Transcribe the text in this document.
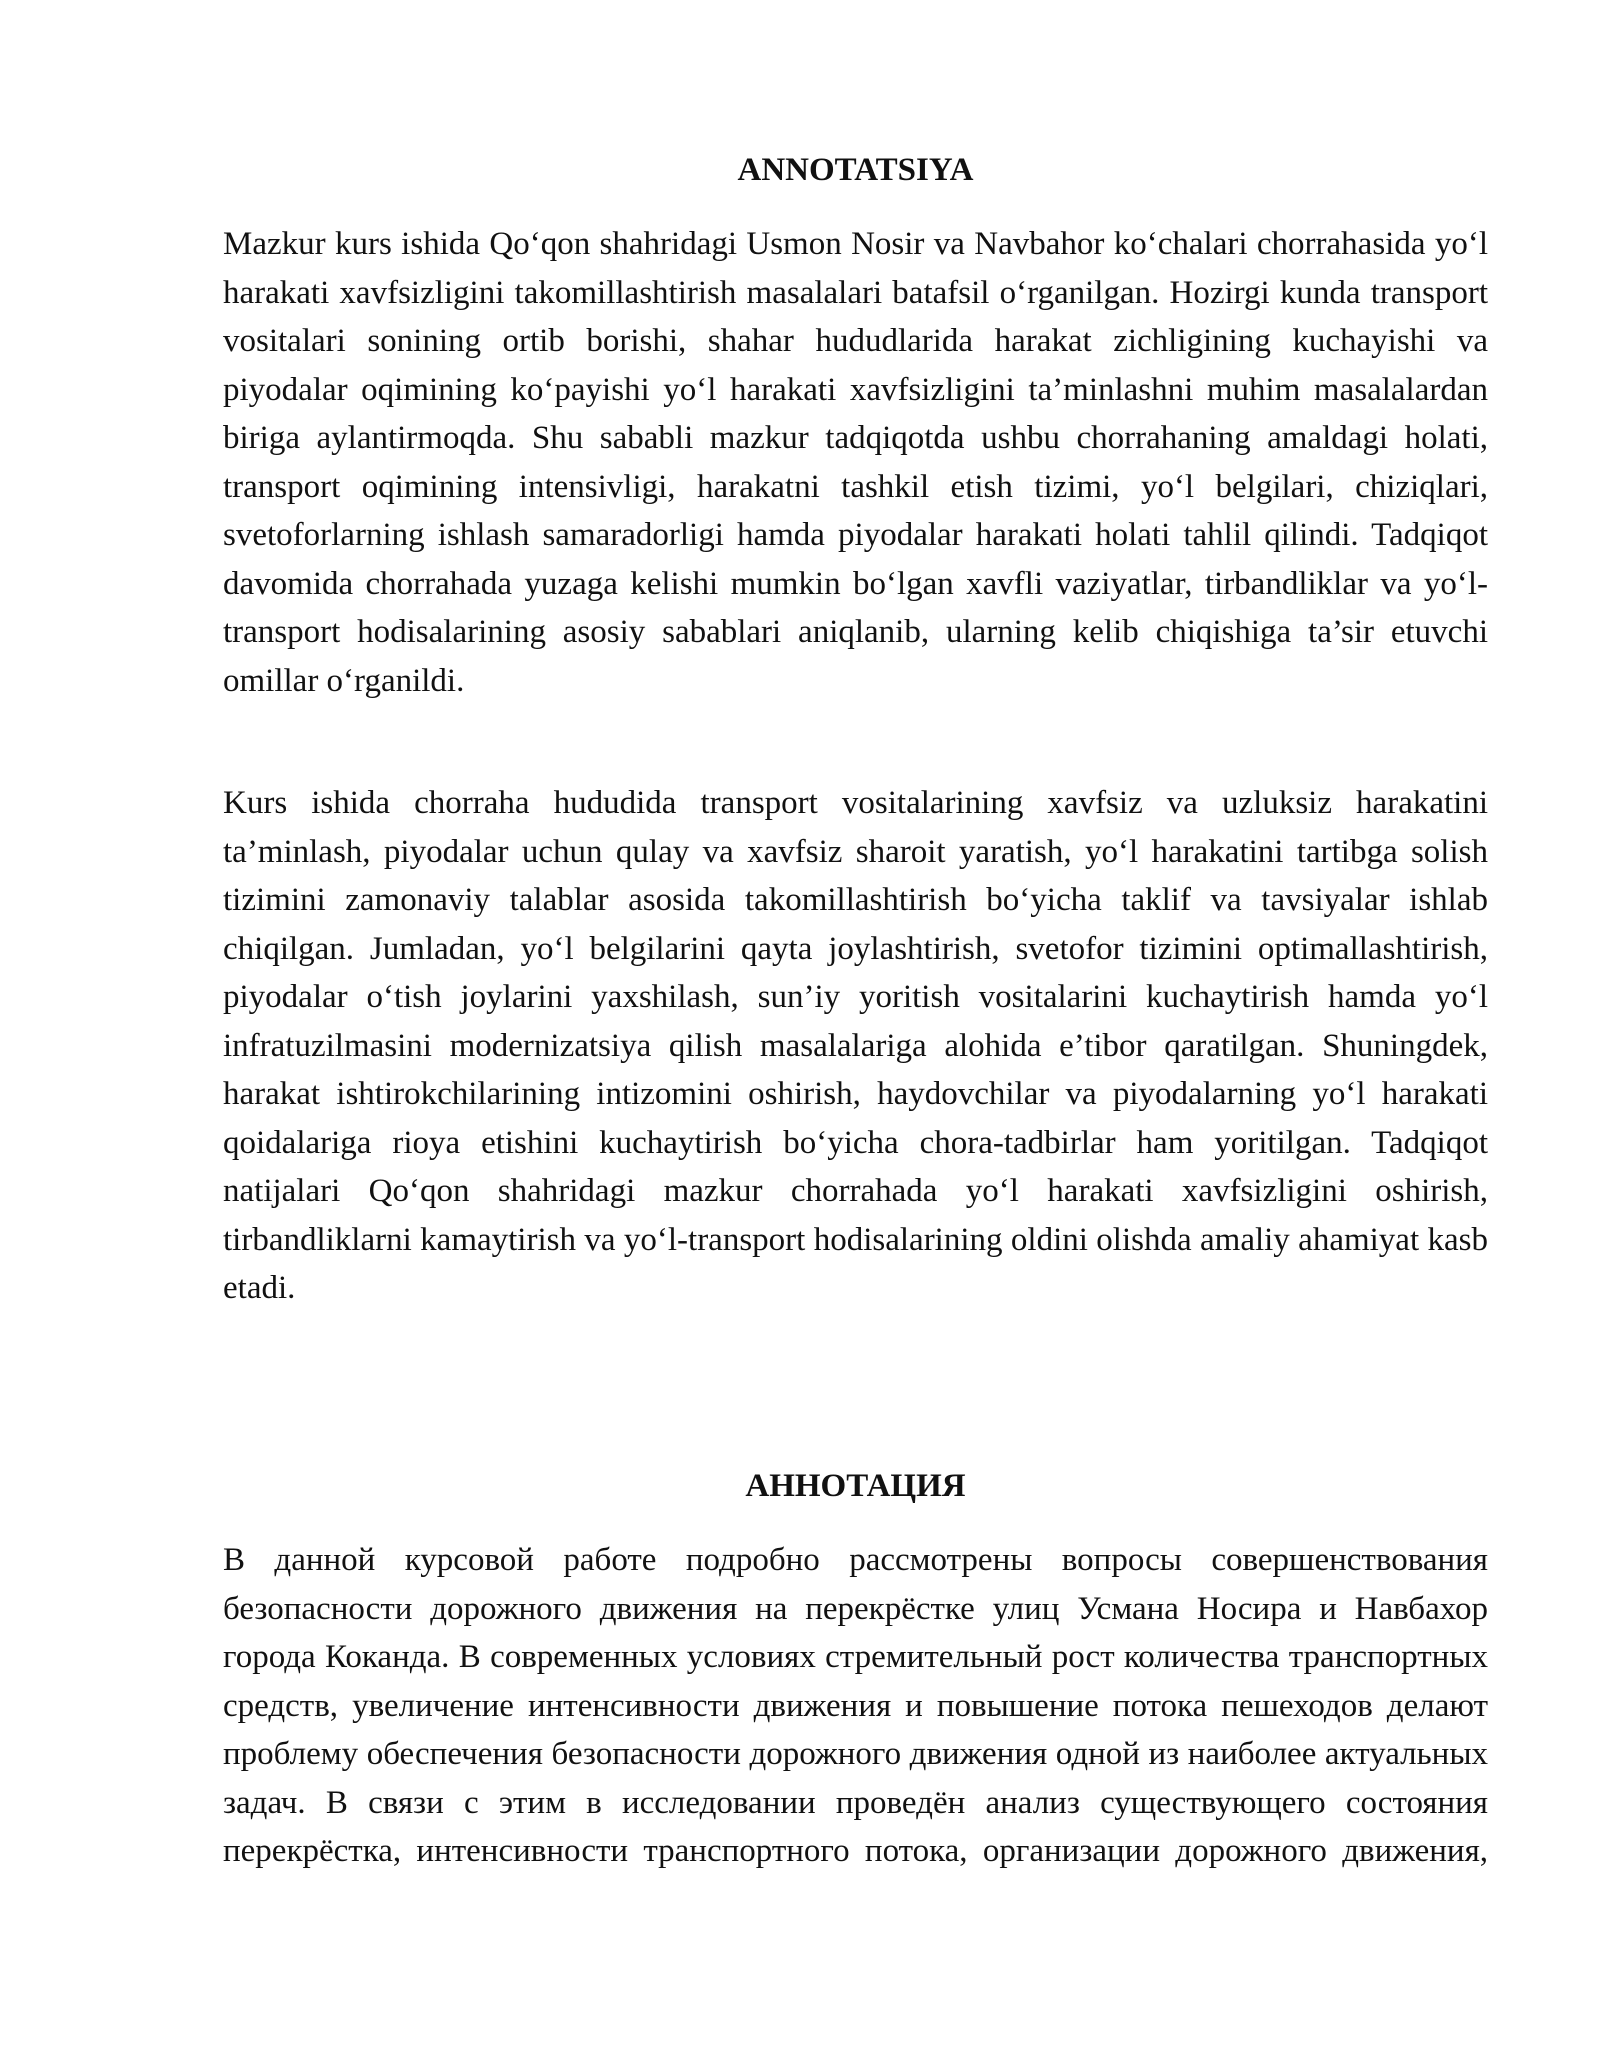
ANNOTATSIYA

Mazkur kurs ishida Qo‘qon shahridagi Usmon Nosir va Navbahor ko‘chalari chorrahasida yo‘l harakati xavfsizligini takomillashtirish masalalari batafsil o‘rganilgan. Hozirgi kunda transport vositalari sonining ortib borishi, shahar hududlarida harakat zichligining kuchayishi va piyodalar oqimining ko‘payishi yo‘l harakati xavfsizligini ta’minlashni muhim masalalardan biriga aylantirmoqda. Shu sababli mazkur tadqiqotda ushbu chorrahaning amaldagi holati, transport oqimining intensivligi, harakatni tashkil etish tizimi, yo‘l belgilari, chiziqlari, svetoforlarning ishlash samaradorligi hamda piyodalar harakati holati tahlil qilindi. Tadqiqot davomida chorrahada yuzaga kelishi mumkin bo‘lgan xavfli vaziyatlar, tirbandliklar va yo‘l-transport hodisalarining asosiy sabablari aniqlanib, ularning kelib chiqishiga ta’sir etuvchi omillar o‘rganildi.

Kurs ishida chorraha hududida transport vositalarining xavfsiz va uzluksiz harakatini ta’minlash, piyodalar uchun qulay va xavfsiz sharoit yaratish, yo‘l harakatini tartibga solish tizimini zamonaviy talablar asosida takomillashtirish bo‘yicha taklif va tavsiyalar ishlab chiqilgan. Jumladan, yo‘l belgilarini qayta joylashtirish, svetofor tizimini optimallashtirish, piyodalar o‘tish joylarini yaxshilash, sun’iy yoritish vositalarini kuchaytirish hamda yo‘l infratuzilmasini modernizatsiya qilish masalalariga alohida e’tibor qaratilgan. Shuningdek, harakat ishtirokchilarining intizomini oshirish, haydovchilar va piyodalarning yo‘l harakati qoidalariga rioya etishini kuchaytirish bo‘yicha chora-tadbirlar ham yoritilgan. Tadqiqot natijalari Qo‘qon shahridagi mazkur chorrahada yo‘l harakati xavfsizligini oshirish, tirbandliklarni kamaytirish va yo‘l-transport hodisalarining oldini olishda amaliy ahamiyat kasb etadi.

АННОТАЦИЯ

В данной курсовой работе подробно рассмотрены вопросы совершенствования безопасности дорожного движения на перекрёстке улиц Усмана Носира и Навбахор города Коканда. В современных условиях стремительный рост количества транспортных средств, увеличение интенсивности движения и повышение потока пешеходов делают проблему обеспечения безопасности дорожного движения одной из наиболее актуальных задач. В связи с этим в исследовании проведён анализ существующего состояния перекрёстка, интенсивности транспортного потока, организации дорожного движения,
